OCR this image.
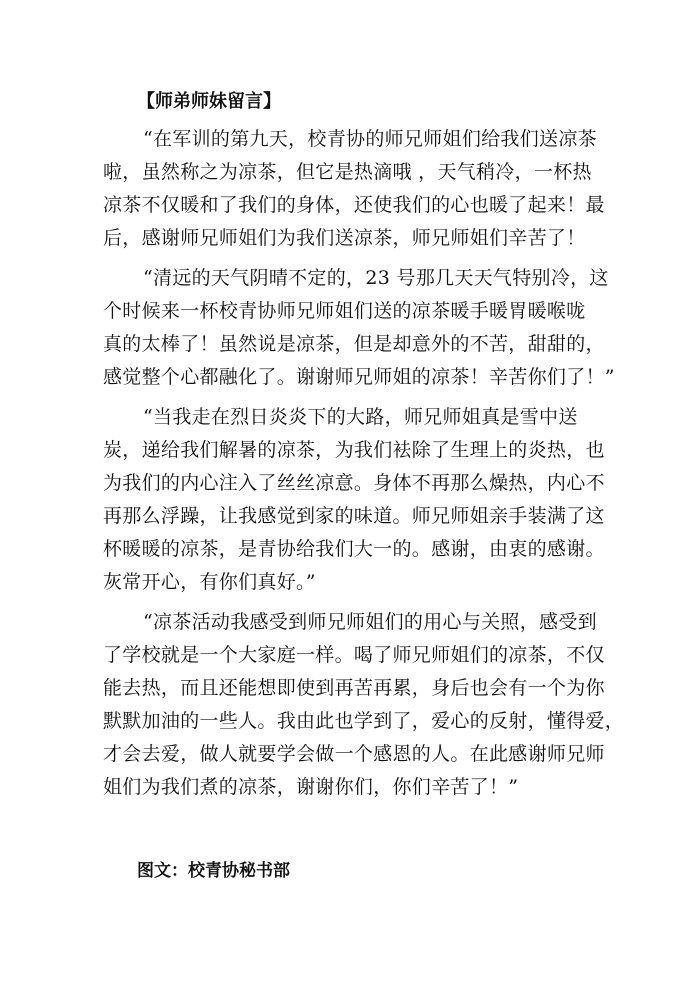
【师弟师妹留言】
“在军训的第九天，校青协的师兄师姐们给我们送凉茶
啦，虽然称之为凉茶，但它是热滴哦 ，天气稍冷，一杯热
凉茶不仅暖和了我们的身体，还使我们的心也暖了起来！最
后，感谢师兄师姐们为我们送凉茶，师兄师姐们辛苦了！
“清远的天气阴晴不定的，23 号那几天天气特别冷，这
个时候来一杯校青协师兄师姐们送的凉茶暖手暖胃暖喉咙
真的太棒了！虽然说是凉茶，但是却意外的不苦，甜甜的，
感觉整个心都融化了。谢谢师兄师姐的凉茶！辛苦你们了！”
“当我走在烈日炎炎下的大路，师兄师姐真是雪中送
炭，递给我们解暑的凉茶，为我们袪除了生理上的炎热，也
为我们的内心注入了丝丝凉意。身体不再那么燥热，内心不
再那么浮躁，让我感觉到家的味道。师兄师姐亲手装满了这
杯暖暖的凉茶，是青协给我们大一的。感谢，由衷的感谢。
灰常开心，有你们真好。”
“凉茶活动我感受到师兄师姐们的用心与关照，感受到
了学校就是一个大家庭一样。喝了师兄师姐们的凉茶，不仅
能去热，而且还能想即使到再苦再累，身后也会有一个为你
默默加油的一些人。我由此也学到了，爱心的反射，懂得爱，
才会去爱，做人就要学会做一个感恩的人。在此感谢师兄师
姐们为我们煮的凉茶，谢谢你们，你们辛苦了！”
图文：校青协秘书部
